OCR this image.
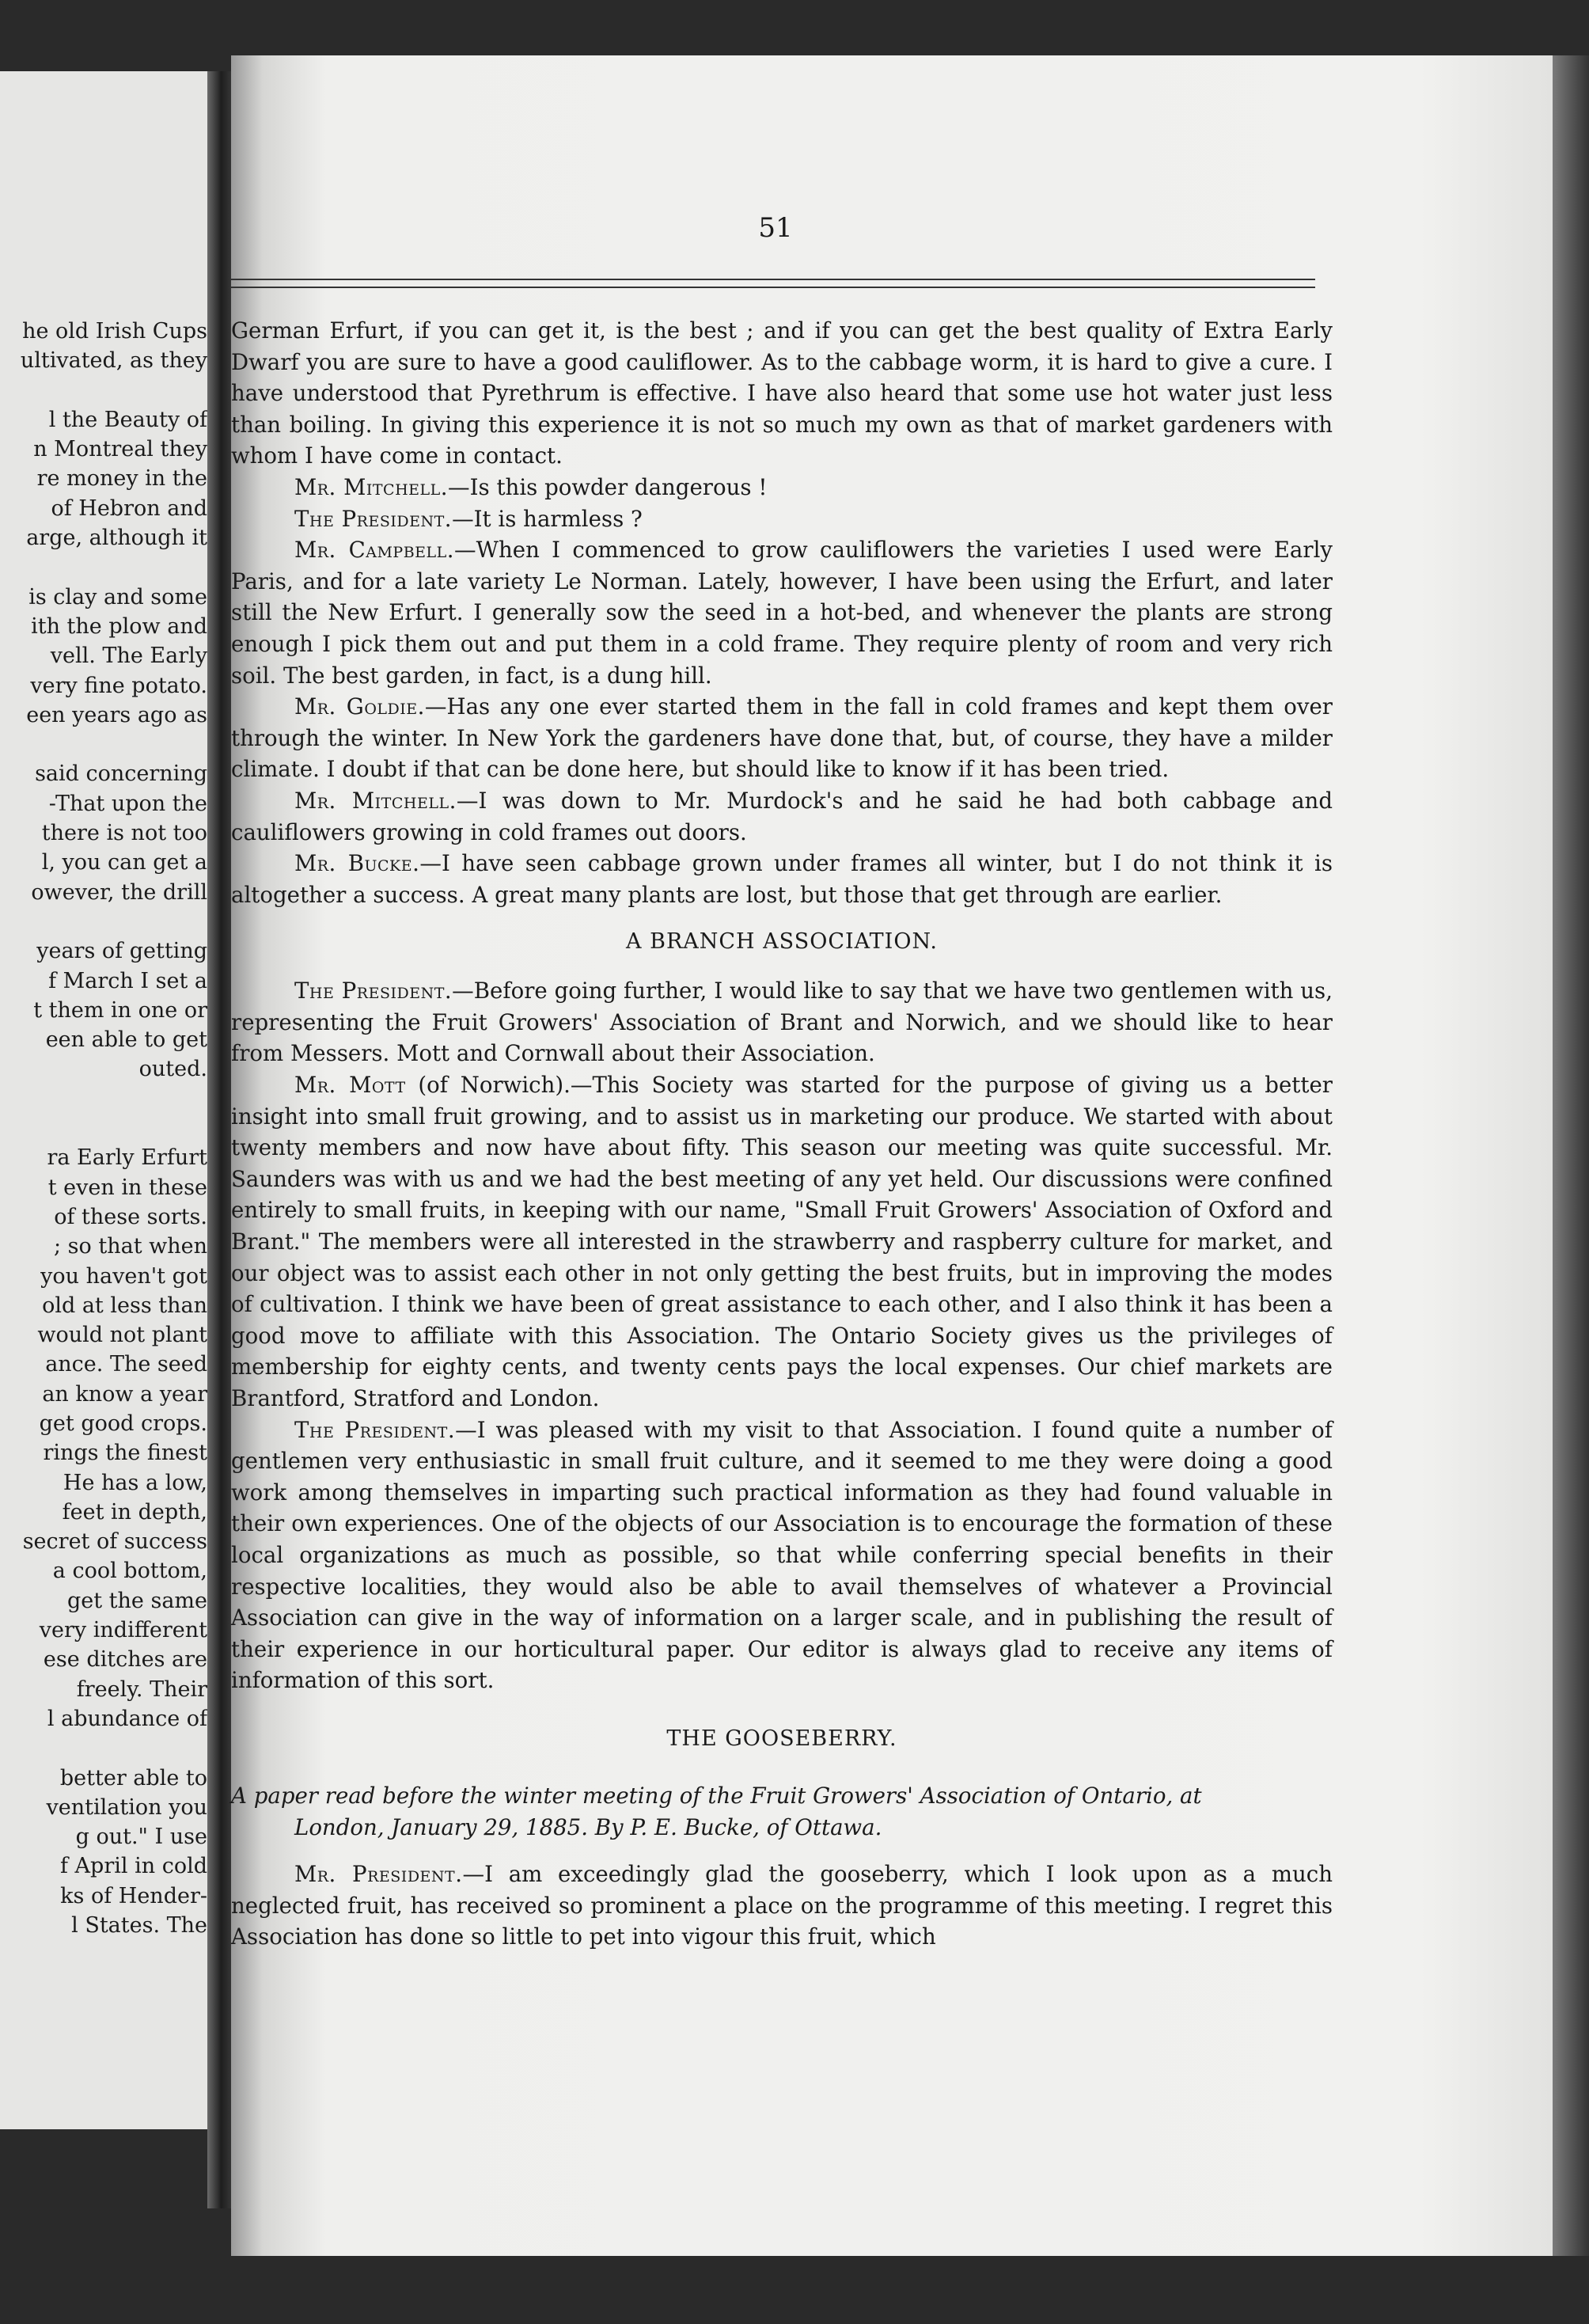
he old Irish Cups
ultivated, as they
l the Beauty of
n Montreal they
re money in the
of Hebron and
arge, although it
is clay and some
ith the plow and
vell. The Early
very fine potato.
een years ago as
said concerning
-That upon the
there is not too
l, you can get a
owever, the drill
years of getting
f March I set a
t them in one or
een able to get
outed.
ra Early Erfurt
t even in these
of these sorts.
; so that when
you haven't got
old at less than
would not plant
ance. The seed
an know a year
get good crops.
rings the finest
He has a low,
feet in depth,
secret of success
a cool bottom,
get the same
very indifferent
ese ditches are
freely. Their
l abundance of
better able to
ventilation you
g out." I use
f April in cold
ks of Hender-
l States. The
51

German Erfurt, if you can get it, is the best ; and if you can get the best quality of Extra Early Dwarf you are sure to have a good cauliflower. As to the cabbage worm, it is hard to give a cure. I have understood that Pyrethrum is effective. I have also heard that some use hot water just less than boiling. In giving this experience it is not so much my own as that of market gardeners with whom I have come in contact.

Mr. Mitchell.—Is this powder dangerous !

The President.—It is harmless ?

Mr. Campbell.—When I commenced to grow cauliflowers the varieties I used were Early Paris, and for a late variety Le Norman. Lately, however, I have been using the Erfurt, and later still the New Erfurt. I generally sow the seed in a hot-bed, and whenever the plants are strong enough I pick them out and put them in a cold frame. They require plenty of room and very rich soil. The best garden, in fact, is a dung hill.

Mr. Goldie.—Has any one ever started them in the fall in cold frames and kept them over through the winter. In New York the gardeners have done that, but, of course, they have a milder climate. I doubt if that can be done here, but should like to know if it has been tried.

Mr. Mitchell.—I was down to Mr. Murdock's and he said he had both cabbage and cauliflowers growing in cold frames out doors.

Mr. Bucke.—I have seen cabbage grown under frames all winter, but I do not think it is altogether a success. A great many plants are lost, but those that get through are earlier.

A BRANCH ASSOCIATION.

The President.—Before going further, I would like to say that we have two gentlemen with us, representing the Fruit Growers' Association of Brant and Norwich, and we should like to hear from Messers. Mott and Cornwall about their Association.

Mr. Mott (of Norwich).—This Society was started for the purpose of giving us a better insight into small fruit growing, and to assist us in marketing our produce. We started with about twenty members and now have about fifty. This season our meeting was quite successful. Mr. Saunders was with us and we had the best meeting of any yet held. Our discussions were confined entirely to small fruits, in keeping with our name, "Small Fruit Growers' Association of Oxford and Brant." The members were all interested in the strawberry and raspberry culture for market, and our object was to assist each other in not only getting the best fruits, but in improving the modes of cultivation. I think we have been of great assistance to each other, and I also think it has been a good move to affiliate with this Association. The Ontario Society gives us the privileges of membership for eighty cents, and twenty cents pays the local expenses. Our chief markets are Brantford, Stratford and London.

The President.—I was pleased with my visit to that Association. I found quite a number of gentlemen very enthusiastic in small fruit culture, and it seemed to me they were doing a good work among themselves in imparting such practical information as they had found valuable in their own experiences. One of the objects of our Association is to encourage the formation of these local organizations as much as possible, so that while conferring special benefits in their respective localities, they would also be able to avail themselves of whatever a Provincial Association can give in the way of information on a larger scale, and in publishing the result of their experience in our horticultural paper. Our editor is always glad to receive any items of information of this sort.

THE GOOSEBERRY.

A paper read before the winter meeting of the Fruit Growers' Association of Ontario, at

London, January 29, 1885. By P. E. Bucke, of Ottawa.

Mr. President.—I am exceedingly glad the gooseberry, which I look upon as a much neglected fruit, has received so prominent a place on the programme of this meeting. I regret this Association has done so little to pet into vigour this fruit, which
